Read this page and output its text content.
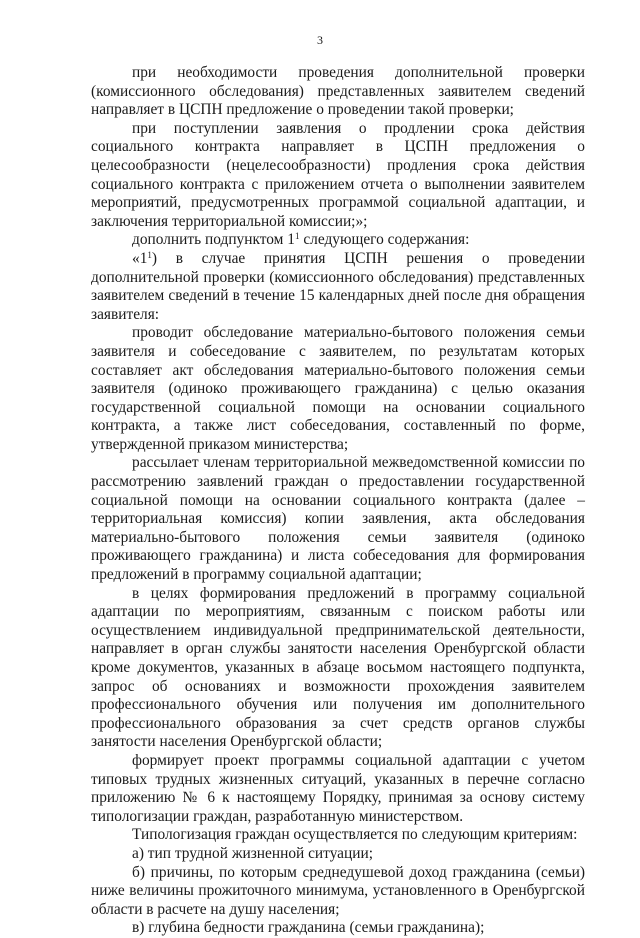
3

при необходимости проведения дополнительной проверки (комиссионного обследования) представленных заявителем сведений направляет в ЦСПН предложение о проведении такой проверки;

при поступлении заявления о продлении срока действия социального контракта направляет в ЦСПН предложения о целесообразности (нецелесообразности) продления срока действия социального контракта с приложением отчета о выполнении заявителем мероприятий, предусмотренных программой социальной адаптации, и заключения территориальной комиссии;»;

дополнить подпунктом $1^1$ следующего содержания:

«$1^1$) в случае принятия ЦСПН решения о проведении дополнительной проверки (комиссионного обследования) представленных заявителем сведений в течение 15 календарных дней после дня обращения заявителя:

проводит обследование материально-бытового положения семьи заявителя и собеседование с заявителем, по результатам которых составляет акт обследования материально-бытового положения семьи заявителя (одиноко проживающего гражданина) с целью оказания государственной социальной помощи на основании социального контракта, а также лист собеседования, составленный по форме, утвержденной приказом министерства;

рассылает членам территориальной межведомственной комиссии по рассмотрению заявлений граждан о предоставлении государственной социальной помощи на основании социального контракта (далее – территориальная комиссия) копии заявления, акта обследования материально-бытового положения семьи заявителя (одиноко проживающего гражданина) и листа собеседования для формирования предложений в программу социальной адаптации;

в целях формирования предложений в программу социальной адаптации по мероприятиям, связанным с поиском работы или осуществлением индивидуальной предпринимательской деятельности, направляет в орган службы занятости населения Оренбургской области кроме документов, указанных в абзаце восьмом настоящего подпункта, запрос об основаниях и возможности прохождения заявителем профессионального обучения или получения им дополнительного профессионального образования за счет средств органов службы занятости населения Оренбургской области;

формирует проект программы социальной адаптации с учетом типовых трудных жизненных ситуаций, указанных в перечне согласно приложению № 6 к настоящему Порядку, принимая за основу систему типологизации граждан, разработанную министерством.

Типологизация граждан осуществляется по следующим критериям:

а) тип трудной жизненной ситуации;

б) причины, по которым среднедушевой доход гражданина (семьи) ниже величины прожиточного минимума, установленного в Оренбургской области в расчете на душу населения;

в) глубина бедности гражданина (семьи гражданина);
